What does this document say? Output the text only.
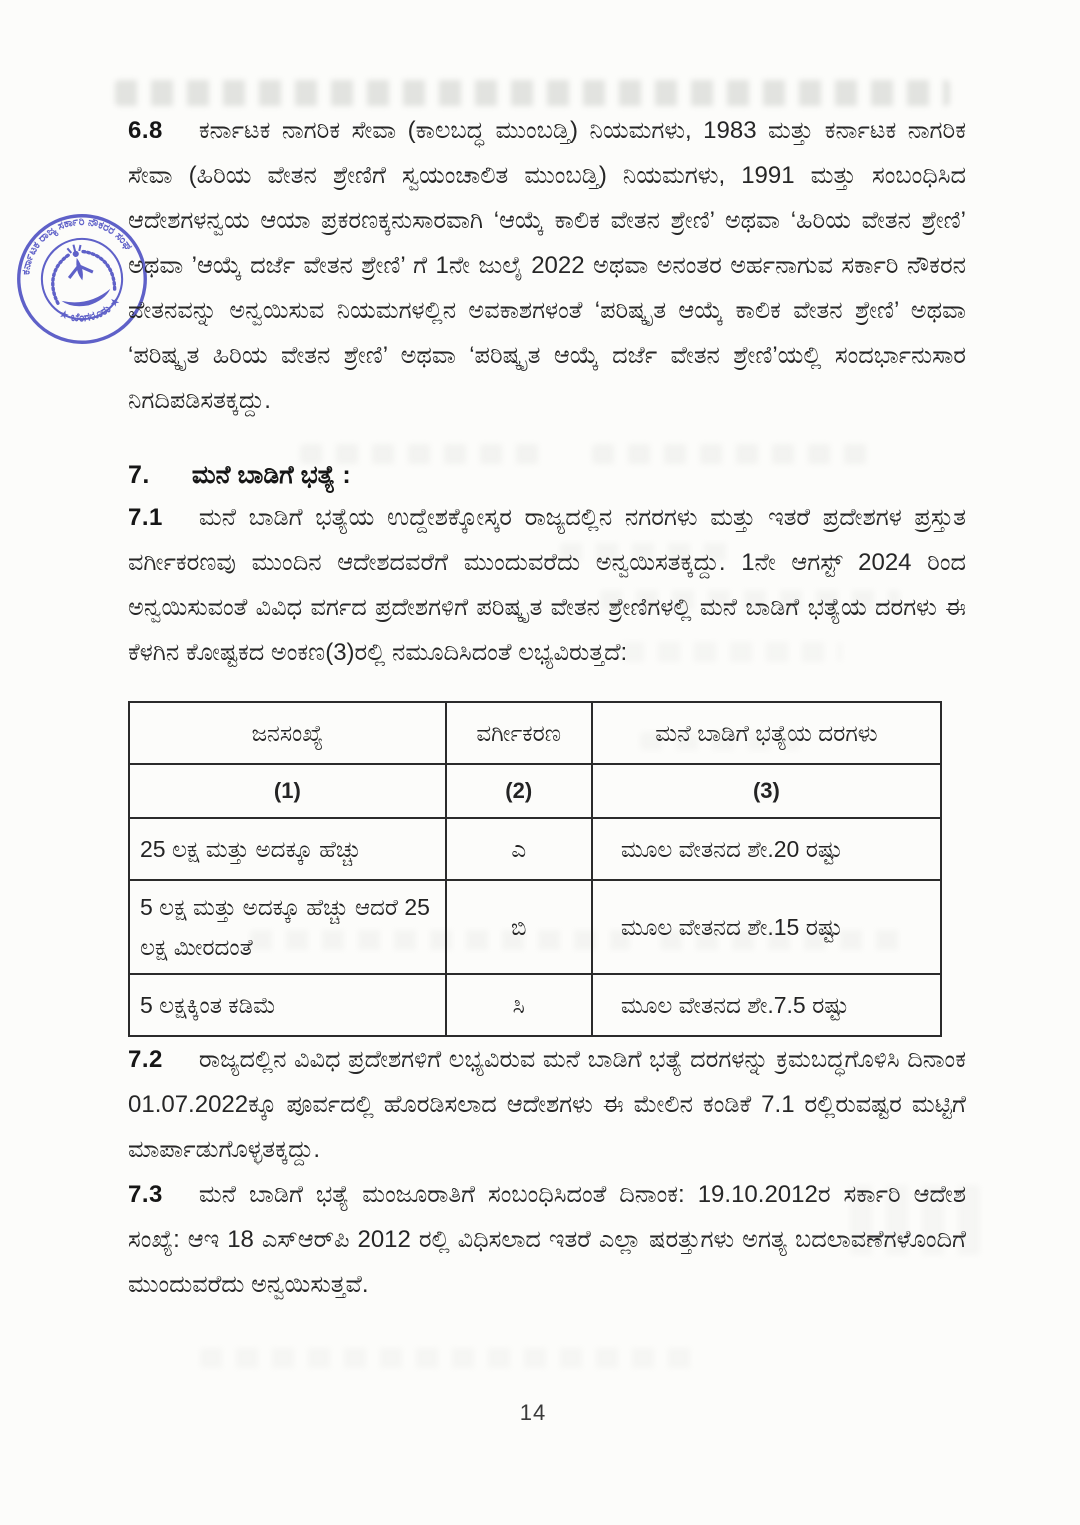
ಕರ್ನಾಟಕ ರಾಜ್ಯ ಸರ್ಕಾರಿ ನೌಕರರ ಸಂಘ
★ ಬೆಂಗಳೂರು ★

6.8 ಕರ್ನಾಟಕ ನಾಗರಿಕ ಸೇವಾ (ಕಾಲಬದ್ಧ ಮುಂಬಡ್ತಿ) ನಿಯಮಗಳು, 1983 ಮತ್ತು ಕರ್ನಾಟಕ ನಾಗರಿಕ ಸೇವಾ (ಹಿರಿಯ ವೇತನ ಶ್ರೇಣಿಗೆ ಸ್ವಯಂಚಾಲಿತ ಮುಂಬಡ್ತಿ) ನಿಯಮಗಳು, 1991 ಮತ್ತು ಸಂಬಂಧಿಸಿದ ಆದೇಶಗಳನ್ವಯ ಆಯಾ ಪ್ರಕರಣಕ್ಕನುಸಾರವಾಗಿ ‘ಆಯ್ಕೆ ಕಾಲಿಕ ವೇತನ ಶ್ರೇಣಿ’ ಅಥವಾ ‘ಹಿರಿಯ ವೇತನ ಶ್ರೇಣಿ’ ಅಥವಾ ’ಆಯ್ಕೆ ದರ್ಜೆ ವೇತನ ಶ್ರೇಣಿ’ ಗೆ 1ನೇ ಜುಲೈ 2022 ಅಥವಾ ಅನಂತರ ಅರ್ಹನಾಗುವ ಸರ್ಕಾರಿ ನೌಕರನ ವೇತನವನ್ನು ಅನ್ವಯಿಸುವ ನಿಯಮಗಳಲ್ಲಿನ ಅವಕಾಶಗಳಂತೆ ‘ಪರಿಷ್ಕೃತ ಆಯ್ಕೆ ಕಾಲಿಕ ವೇತನ ಶ್ರೇಣಿ’ ಅಥವಾ ‘ಪರಿಷ್ಕೃತ ಹಿರಿಯ ವೇತನ ಶ್ರೇಣಿ’ ಅಥವಾ ‘ಪರಿಷ್ಕೃತ ಆಯ್ಕೆ ದರ್ಜೆ ವೇತನ ಶ್ರೇಣಿ’ಯಲ್ಲಿ ಸಂದರ್ಭಾನುಸಾರ ನಿಗದಿಪಡಿಸತಕ್ಕದ್ದು.

7. ಮನೆ ಬಾಡಿಗೆ ಭತ್ಯೆ :

7.1 ಮನೆ ಬಾಡಿಗೆ ಭತ್ಯೆಯ ಉದ್ದೇಶಕ್ಕೋಸ್ಕರ ರಾಜ್ಯದಲ್ಲಿನ ನಗರಗಳು ಮತ್ತು ಇತರೆ ಪ್ರದೇಶಗಳ ಪ್ರಸ್ತುತ ವರ್ಗೀಕರಣವು ಮುಂದಿನ ಆದೇಶದವರೆಗೆ ಮುಂದುವರೆದು ಅನ್ವಯಿಸತಕ್ಕದ್ದು. 1ನೇ ಆಗಸ್ಟ್ 2024 ರಿಂದ ಅನ್ವಯಿಸುವಂತೆ ವಿವಿಧ ವರ್ಗದ ಪ್ರದೇಶಗಳಿಗೆ ಪರಿಷ್ಕೃತ ವೇತನ ಶ್ರೇಣಿಗಳಲ್ಲಿ ಮನೆ ಬಾಡಿಗೆ ಭತ್ಯೆಯ ದರಗಳು ಈ ಕೆಳಗಿನ ಕೋಷ್ಟಕದ ಅಂಕಣ(3)ರಲ್ಲಿ ನಮೂದಿಸಿದಂತೆ ಲಭ್ಯವಿರುತ್ತದೆ:

ಜನಸಂಖ್ಯೆ	ವರ್ಗೀಕರಣ	ಮನೆ ಬಾಡಿಗೆ ಭತ್ಯೆಯ ದರಗಳು
(1)	(2)	(3)
25 ಲಕ್ಷ ಮತ್ತು ಅದಕ್ಕೂ ಹೆಚ್ಚು	ಎ	ಮೂಲ ವೇತನದ ಶೇ.20 ರಷ್ಟು
5 ಲಕ್ಷ ಮತ್ತು ಅದಕ್ಕೂ ಹೆಚ್ಚು ಆದರೆ 25 ಲಕ್ಷ ಮೀರದಂತೆ	ಬಿ	ಮೂಲ ವೇತನದ ಶೇ.15 ರಷ್ಟು
5 ಲಕ್ಷಕ್ಕಿಂತ ಕಡಿಮೆ	ಸಿ	ಮೂಲ ವೇತನದ ಶೇ.7.5 ರಷ್ಟು

7.2 ರಾಜ್ಯದಲ್ಲಿನ ವಿವಿಧ ಪ್ರದೇಶಗಳಿಗೆ ಲಭ್ಯವಿರುವ ಮನೆ ಬಾಡಿಗೆ ಭತ್ಯೆ ದರಗಳನ್ನು ಕ್ರಮಬದ್ಧಗೊಳಿಸಿ ದಿನಾಂಕ 01.07.2022ಕ್ಕೂ ಪೂರ್ವದಲ್ಲಿ ಹೊರಡಿಸಲಾದ ಆದೇಶಗಳು ಈ ಮೇಲಿನ ಕಂಡಿಕೆ 7.1 ರಲ್ಲಿರುವಷ್ಟರ ಮಟ್ಟಿಗೆ ಮಾರ್ಪಾಡುಗೊಳ್ಳತಕ್ಕದ್ದು.

7.3 ಮನೆ ಬಾಡಿಗೆ ಭತ್ಯೆ ಮಂಜೂರಾತಿಗೆ ಸಂಬಂಧಿಸಿದಂತೆ ದಿನಾಂಕ: 19.10.2012ರ ಸರ್ಕಾರಿ ಆದೇಶ ಸಂಖ್ಯೆ: ಆಇ 18 ಎಸ್‌ಆರ್‌ಪಿ 2012 ರಲ್ಲಿ ವಿಧಿಸಲಾದ ಇತರೆ ಎಲ್ಲಾ ಷರತ್ತುಗಳು ಅಗತ್ಯ ಬದಲಾವಣೆಗಳೊಂದಿಗೆ ಮುಂದುವರೆದು ಅನ್ವಯಿಸುತ್ತವೆ.

14
